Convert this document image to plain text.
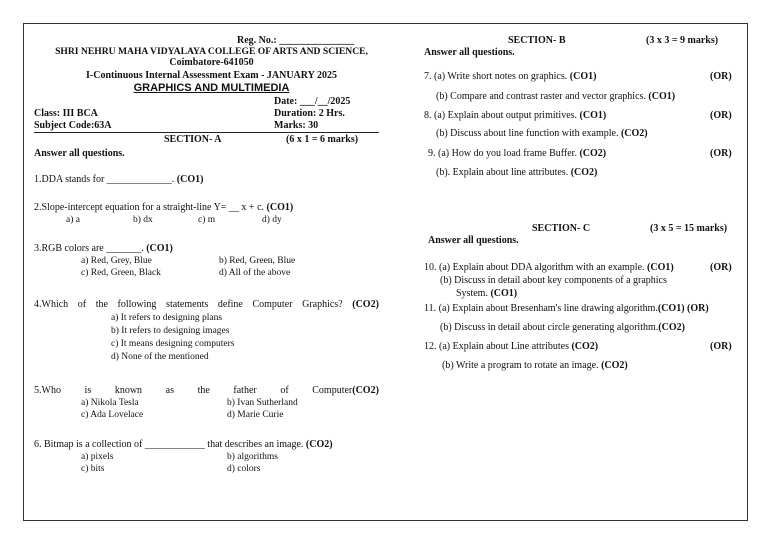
Reg. No.: _______________
SHRI NEHRU MAHA VIDYALAYA COLLEGE OF ARTS AND SCIENCE,
Coimbatore-641050
I-Continuous Internal Assessment Exam - JANUARY 2025
GRAPHICS AND MULTIMEDIA
Date: ___/__/2025
Class: III BCA	Duration: 2 Hrs.
Subject Code:63A	Marks: 30
SECTION- A	(6 x 1 = 6 marks)
Answer all questions.
1.DDA stands for _____________. (CO1)
2.Slope-intercept equation for a straight-line Y= __ x + c. (CO1)
a) a	b) dx	c) m	d) dy
3.RGB colors are _______. (CO1)
a) Red, Grey, Blue	b) Red, Green, Blue
c) Red, Green, Black	d) All of the above
4.Which of the following statements define Computer Graphics? (CO2)
a) It refers to designing plans
b) It refers to designing images
c) It means designing computers
d) None of the mentioned
5.Who is known as the father of Computer(CO2)
a) Nikola Tesla	b) Ivan Sutherland
c) Ada Lovelace	d) Marie Curie
6. Bitmap is a collection of ____________ that describes an image. (CO2)
a) pixels	b) algorithms
c) bits	d) colors
SECTION- B	(3 x 3 = 9 marks)
Answer all questions.
7. (a) Write short notes on graphics. (CO1)	(OR)
(b) Compare and contrast raster and vector graphics. (CO1)
8. (a) Explain about output primitives. (CO1)	(OR)
(b) Discuss about line function with example. (CO2)
9. (a) How do you load frame Buffer. (CO2)	(OR)
(b). Explain about line attributes. (CO2)
SECTION- C	(3 x 5 = 15 marks)
Answer all questions.
10. (a) Explain about DDA algorithm with an example. (CO1)	(OR)
(b) Discuss in detail about key components of a graphics
System. (CO1)
11. (a) Explain about Bresenham's line drawing algorithm.(CO1) (OR)
(b) Discuss in detail about circle generating algorithm.(CO2)
12. (a) Explain about Line attributes (CO2)	(OR)
(b) Write a program to rotate an image. (CO2)
